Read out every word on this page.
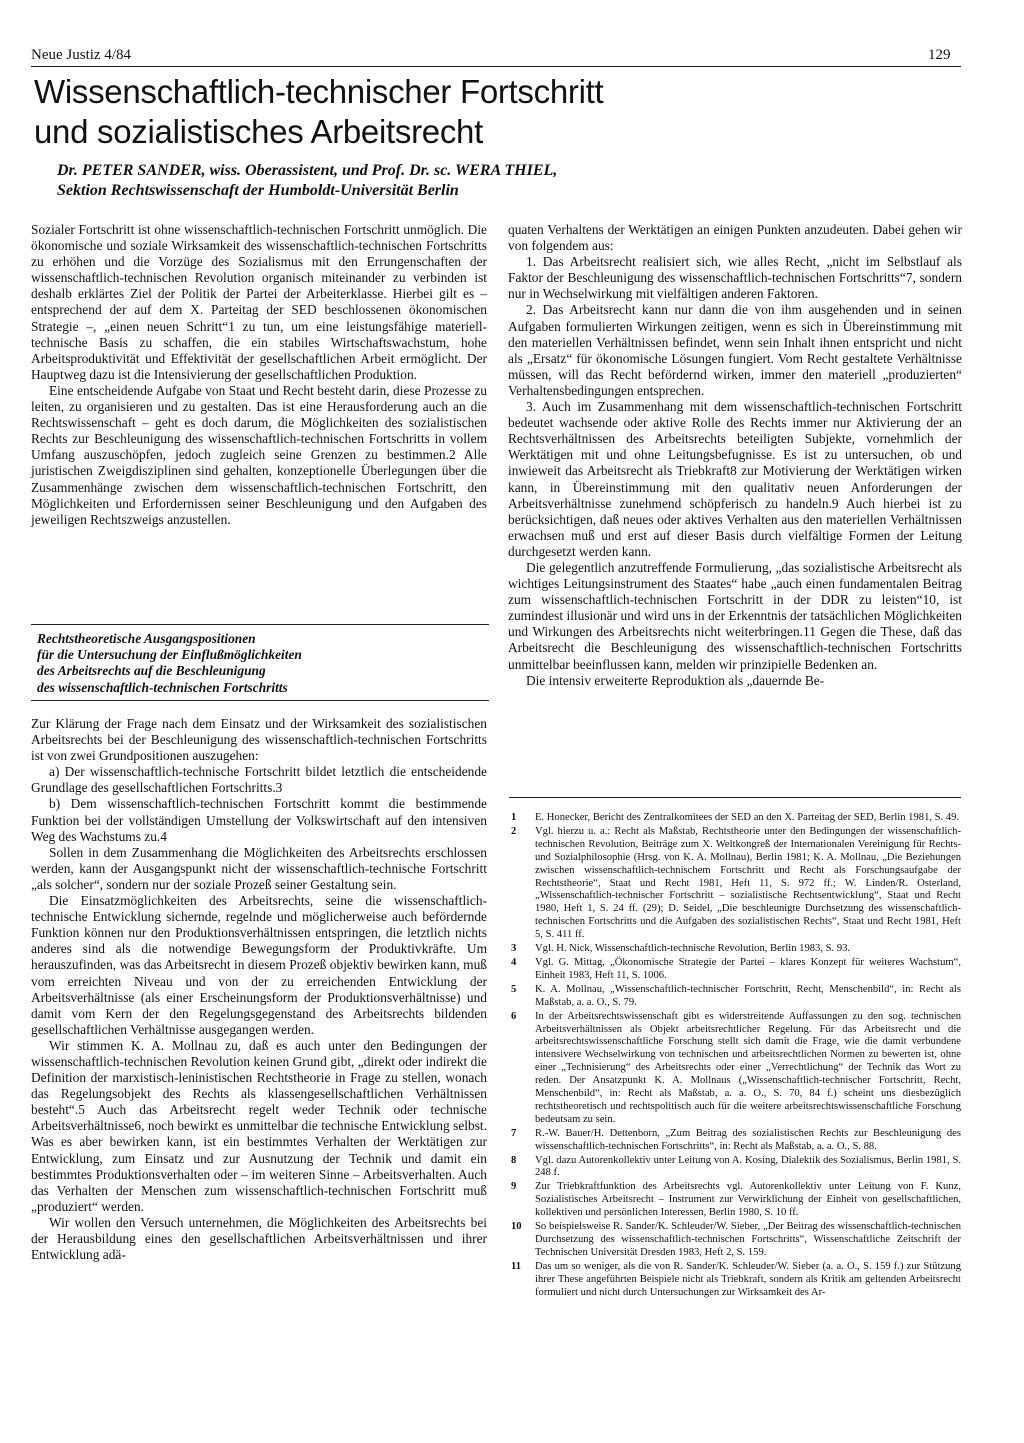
Neue Justiz 4/84	129
Wissenschaftlich-technischer Fortschritt
und sozialistisches Arbeitsrecht
Dr. PETER SANDER, wiss. Oberassistent, und Prof. Dr. sc. WERA THIEL,
Sektion Rechtswissenschaft der Humboldt-Universität Berlin

Sozialer Fortschritt ist ohne wissenschaftlich-technischen Fortschritt unmöglich. Die ökonomische und soziale Wirksamkeit des wissenschaftlich-technischen Fortschritts zu erhöhen und die Vorzüge des Sozialismus mit den Errungenschaften der wissenschaftlich-technischen Revolution organisch miteinander zu verbinden ist deshalb erklärtes Ziel der Politik der Partei der Arbeiterklasse. Hierbei gilt es – entsprechend der auf dem X. Parteitag der SED beschlossenen ökonomischen Strategie –, „einen neuen Schritt“1 zu tun, um eine leistungsfähige materiell-technische Basis zu schaffen, die ein stabiles Wirtschaftswachstum, hohe Arbeitsproduktivität und Effektivität der gesellschaftlichen Arbeit ermöglicht. Der Hauptweg dazu ist die Intensivierung der gesellschaftlichen Produktion.

Eine entscheidende Aufgabe von Staat und Recht besteht darin, diese Prozesse zu leiten, zu organisieren und zu gestalten. Das ist eine Herausforderung auch an die Rechtswissenschaft – geht es doch darum, die Möglichkeiten des sozialistischen Rechts zur Beschleunigung des wissenschaftlich-technischen Fortschritts in vollem Umfang auszuschöpfen, jedoch zugleich seine Grenzen zu bestimmen.2 Alle juristischen Zweigdisziplinen sind gehalten, konzeptionelle Überlegungen über die Zusammenhänge zwischen dem wissenschaftlich-technischen Fortschritt, den Möglichkeiten und Erfordernissen seiner Beschleunigung und den Aufgaben des jeweiligen Rechtszweigs anzustellen.

Rechtstheoretische Ausgangspositionen
für die Untersuchung der Einflußmöglichkeiten
des Arbeitsrechts auf die Beschleunigung
des wissenschaftlich-technischen Fortschritts

Zur Klärung der Frage nach dem Einsatz und der Wirksamkeit des sozialistischen Arbeitsrechts bei der Beschleunigung des wissenschaftlich-technischen Fortschritts ist von zwei Grundpositionen auszugehen:

a) Der wissenschaftlich-technische Fortschritt bildet letztlich die entscheidende Grundlage des gesellschaftlichen Fortschritts.3

b) Dem wissenschaftlich-technischen Fortschritt kommt die bestimmende Funktion bei der vollständigen Umstellung der Volkswirtschaft auf den intensiven Weg des Wachstums zu.4

Sollen in dem Zusammenhang die Möglichkeiten des Arbeitsrechts erschlossen werden, kann der Ausgangspunkt nicht der wissenschaftlich-technische Fortschritt „als solcher“, sondern nur der soziale Prozeß seiner Gestaltung sein.

Die Einsatzmöglichkeiten des Arbeitsrechts, seine die wissenschaftlich-technische Entwicklung sichernde, regelnde und möglicherweise auch befördernde Funktion können nur den Produktionsverhältnissen entspringen, die letztlich nichts anderes sind als die notwendige Bewegungsform der Produktivkräfte. Um herauszufinden, was das Arbeitsrecht in diesem Prozeß objektiv bewirken kann, muß vom erreichten Niveau und von der zu erreichenden Entwicklung der Arbeitsverhältnisse (als einer Erscheinungsform der Produktionsverhältnisse) und damit vom Kern der den Regelungsgegenstand des Arbeitsrechts bildenden gesellschaftlichen Verhältnisse ausgegangen werden.

Wir stimmen K. A. Mollnau zu, daß es auch unter den Bedingungen der wissenschaftlich-technischen Revolution keinen Grund gibt, „direkt oder indirekt die Definition der marxistisch-leninistischen Rechtstheorie in Frage zu stellen, wonach das Regelungsobjekt des Rechts als klassengesellschaftlichen Verhältnissen besteht“.5 Auch das Arbeitsrecht regelt weder Technik oder technische Arbeitsverhältnisse6, noch bewirkt es unmittelbar die technische Entwicklung selbst. Was es aber bewirken kann, ist ein bestimmtes Verhalten der Werktätigen zur Entwicklung, zum Einsatz und zur Ausnutzung der Technik und damit ein bestimmtes Produktionsverhalten oder – im weiteren Sinne – Arbeitsverhalten. Auch das Verhalten der Menschen zum wissenschaftlich-technischen Fortschritt muß „produziert“ werden.

Wir wollen den Versuch unternehmen, die Möglichkeiten des Arbeitsrechts bei der Herausbildung eines den gesellschaftlichen Arbeitsverhältnissen und ihrer Entwicklung adä-

quaten Verhaltens der Werktätigen an einigen Punkten anzudeuten. Dabei gehen wir von folgendem aus:

1. Das Arbeitsrecht realisiert sich, wie alles Recht, „nicht im Selbstlauf als Faktor der Beschleunigung des wissenschaftlich-technischen Fortschritts“7, sondern nur in Wechselwirkung mit vielfältigen anderen Faktoren.

2. Das Arbeitsrecht kann nur dann die von ihm ausgehenden und in seinen Aufgaben formulierten Wirkungen zeitigen, wenn es sich in Übereinstimmung mit den materiellen Verhältnissen befindet, wenn sein Inhalt ihnen entspricht und nicht als „Ersatz“ für ökonomische Lösungen fungiert. Vom Recht gestaltete Verhältnisse müssen, will das Recht befördernd wirken, immer den materiell „produzierten“ Verhaltensbedingungen entsprechen.

3. Auch im Zusammenhang mit dem wissenschaftlich-technischen Fortschritt bedeutet wachsende oder aktive Rolle des Rechts immer nur Aktivierung der an Rechtsverhältnissen des Arbeitsrechts beteiligten Subjekte, vornehmlich der Werktätigen mit und ohne Leitungsbefugnisse. Es ist zu untersuchen, ob und inwieweit das Arbeitsrecht als Triebkraft8 zur Motivierung der Werktätigen wirken kann, in Übereinstimmung mit den qualitativ neuen Anforderungen der Arbeitsverhältnisse zunehmend schöpferisch zu handeln.9 Auch hierbei ist zu berücksichtigen, daß neues oder aktives Verhalten aus den materiellen Verhältnissen erwachsen muß und erst auf dieser Basis durch vielfältige Formen der Leitung durchgesetzt werden kann.

Die gelegentlich anzutreffende Formulierung, „das sozialistische Arbeitsrecht als wichtiges Leitungsinstrument des Staates“ habe „auch einen fundamentalen Beitrag zum wissenschaftlich-technischen Fortschritt in der DDR zu leisten“10, ist zumindest illusionär und wird uns in der Erkenntnis der tatsächlichen Möglichkeiten und Wirkungen des Arbeitsrechts nicht weiterbringen.11 Gegen die These, daß das Arbeitsrecht die Beschleunigung des wissenschaftlich-technischen Fortschritts unmittelbar beeinflussen kann, melden wir prinzipielle Bedenken an.

Die intensiv erweiterte Reproduktion als „dauernde Be-

1	E. Honecker, Bericht des Zentralkomitees der SED an den X. Parteitag der SED, Berlin 1981, S. 49.
2	Vgl. hierzu u. a.: Recht als Maßstab, Rechtstheorie unter den Bedingungen der wissenschaftlich-technischen Revolution, Beiträge zum X. Weltkongreß der Internationalen Vereinigung für Rechts- und Sozialphilosophie (Hrsg. von K. A. Mollnau), Berlin 1981; K. A. Mollnau, „Die Beziehungen zwischen wissenschaftlich-technischem Fortschritt und Recht als Forschungsaufgabe der Rechtstheorie“, Staat und Recht 1981, Heft 11, S. 972 ff.; W. Linden/R. Osterland, „Wissenschaftlich-technischer Fortschritt – sozialistische Rechtsentwicklung“, Staat und Recht 1980, Heft 1, S. 24 ff. (29); D. Seidel, „Die beschleunigte Durchsetzung des wissenschaftlich-technischen Fortschritts und die Aufgaben des sozialistischen Rechts“, Staat und Recht 1981, Heft 5, S. 411 ff.
3	Vgl. H. Nick, Wissenschaftlich-technische Revolution, Berlin 1983, S. 93.
4	Vgl. G. Mittag, „Ökonomische Strategie der Partei – klares Konzept für weiteres Wachstum“, Einheit 1983, Heft 11, S. 1006.
5	K. A. Mollnau, „Wissenschaftlich-technischer Fortschritt, Recht, Menschenbild“, in: Recht als Maßstab, a. a. O., S. 79.
6	In der Arbeitsrechtswissenschaft gibt es widerstreitende Auffassungen zu den sog. technischen Arbeitsverhältnissen als Objekt arbeitsrechtlicher Regelung. Für das Arbeitsrecht und die arbeitsrechtswissenschaftliche Forschung stellt sich damit die Frage, wie die damit verbundene intensivere Wechselwirkung von technischen und arbeitsrechtlichen Normen zu bewerten ist, ohne einer „Technisierung“ des Arbeitsrechts oder einer „Verrechtlichung“ der Technik das Wort zu reden. Der Ansatzpunkt K. A. Mollnaus („Wissenschaftlich-technischer Fortschritt, Recht, Menschenbild“, in: Recht als Maßstab, a. a. O., S. 70, 84 f.) scheint uns diesbezüglich rechtstheoretisch und rechtspolitisch auch für die weitere arbeitsrechtswissenschaftliche Forschung bedeutsam zu sein.
7	R.-W. Bauer/H. Dettenborn, „Zum Beitrag des sozialistischen Rechts zur Beschleunigung des wissenschaftlich-technischen Fortschritts“, in: Recht als Maßstab, a. a. O., S. 88.
8	Vgl. dazu Autorenkollektiv unter Leitung von A. Kosing, Dialektik des Sozialismus, Berlin 1981, S. 248 f.
9	Zur Triebkraftfunktion des Arbeitsrechts vgl. Autorenkollektiv unter Leitung von F. Kunz, Sozialistisches Arbeitsrecht – Instrument zur Verwirklichung der Einheit von gesellschaftlichen, kollektiven und persönlichen Interessen, Berlin 1980, S. 10 ff.
10	So beispielsweise R. Sander/K. Schleuder/W. Sieber, „Der Beitrag des wissenschaftlich-technischen Durchsetzung des wissenschaftlich-technischen Fortschritts“, Wissenschaftliche Zeitschrift der Technischen Universität Dresden 1983, Heft 2, S. 159.
11	Das um so weniger, als die von R. Sander/K. Schleuder/W. Sieber (a. a. O., S. 159 f.) zur Stützung ihrer These angeführten Beispiele nicht als Triebkraft, sondern als Kritik am geltenden Arbeitsrecht formuliert und nicht durch Untersuchungen zur Wirksamkeit des Ar-
